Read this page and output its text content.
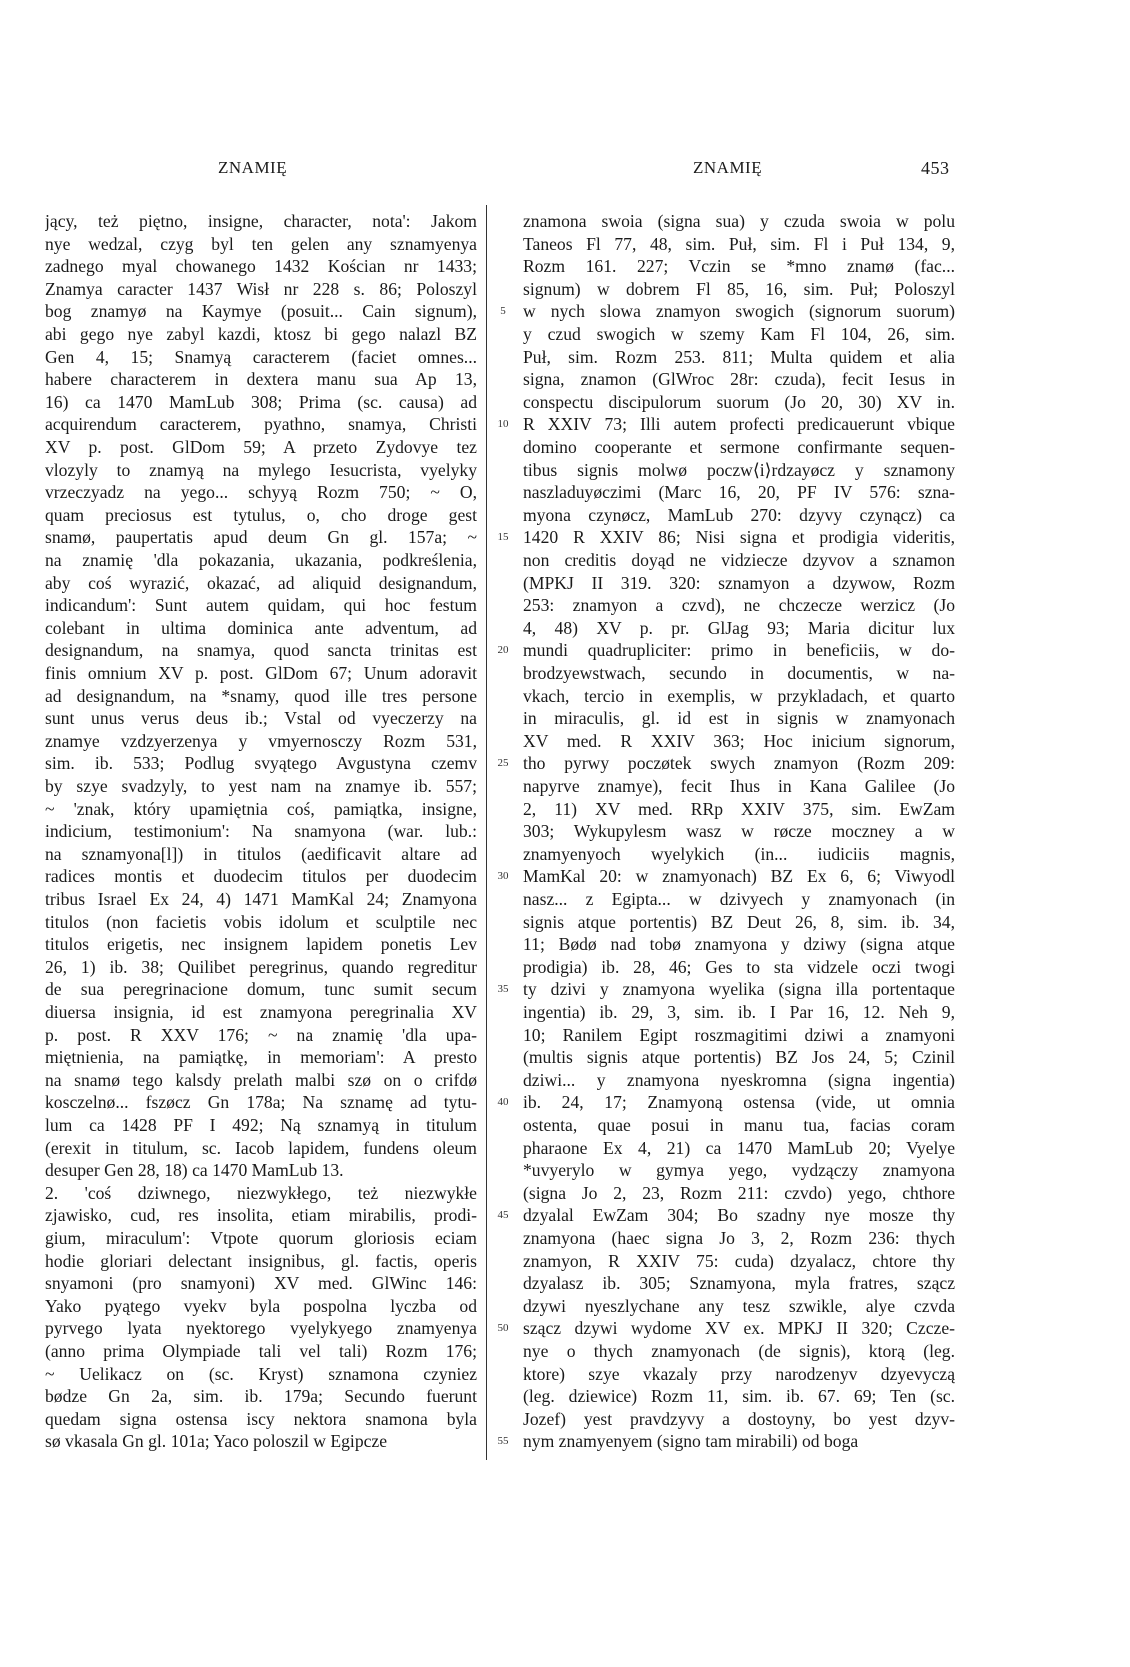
ZNAMIĘ	ZNAMIĘ	453
jący, też piętno, insigne, character, nota': Jakom
nye wedzal, czyg byl ten gelen any sznamyenya
zadnego myal chowanego 1432 Kościan nr 1433;
Znamya caracter 1437 Wisł nr 228 s. 86; Poloszyl
bog znamyø na Kaymye (posuit... Cain signum),
abi gego nye zabyl kazdi, ktosz bi gego nalazl BZ
Gen 4, 15; Snamyą caracterem (faciet omnes...
habere characterem in dextera manu sua Ap 13,
16) ca 1470 MamLub 308; Prima (sc. causa) ad
acquirendum caracterem, pyathno, snamya, Christi
XV p. post. GlDom 59; A przeto Zydovye tez
vlozyly to znamyą na mylego Iesucrista, vyelyky
vrzeczyadz na yego... schyyą Rozm 750; ~ O,
quam preciosus est tytulus, o, cho droge gest
snamø, paupertatis apud deum Gn gl. 157a; ~
na znamię 'dla pokazania, ukazania, podkreślenia,
aby coś wyrazić, okazać, ad aliquid designandum,
indicandum': Sunt autem quidam, qui hoc festum
colebant in ultima dominica ante adventum, ad
designandum, na snamya, quod sancta trinitas est
finis omnium XV p. post. GlDom 67; Unum adoravit
ad designandum, na *snamy, quod ille tres persone
sunt unus verus deus ib.; Vstal od vyeczerzy na
znamye vzdzyerzenya y vmyernosczy Rozm 531,
sim. ib. 533; Podlug svyątego Avgustyna czemv
by szye svadzyly, to yest nam na znamye ib. 557;
~ 'znak, który upamiętnia coś, pamiątka, insigne,
indicium, testimonium': Na snamyona (war. lub.:
na sznamyona[l]) in titulos (aedificavit altare ad
radices montis et duodecim titulos per duodecim
tribus Israel Ex 24, 4) 1471 MamKal 24; Znamyona
titulos (non facietis vobis idolum et sculptile nec
titulos erigetis, nec insignem lapidem ponetis Lev
26, 1) ib. 38; Quilibet peregrinus, quando regreditur
de sua peregrinacione domum, tunc sumit secum
diuersa insignia, id est znamyona peregrinalia XV
p. post. R XXV 176; ~ na znamię 'dla upa-
miętnienia, na pamiątkę, in memoriam': A presto
na snamø tego kalsdy prelath malbi szø on o crifdø
kosczelnø... fszøcz Gn 178a; Na sznamę ad tytu-
lum ca 1428 PF I 492; Ną sznamyą in titulum
(erexit in titulum, sc. Iacob lapidem, fundens oleum
desuper Gen 28, 18) ca 1470 MamLub 13.
2. 'coś dziwnego, niezwykłego, też niezwykłe
zjawisko, cud, res insolita, etiam mirabilis, prodi-
gium, miraculum': Vtpote quorum gloriosis eciam
hodie gloriari delectant insignibus, gl. factis, operis
snyamoni (pro snamyoni) XV med. GlWinc 146:
Yako pyątego vyekv byla pospolna lyczba od
pyrvego lyata nyektorego vyelykyego znamyenya
(anno prima Olympiade tali vel tali) Rozm 176;
~ Uelikacz on (sc. Kryst) sznamona czyniez
bødze Gn 2a, sim. ib. 179a; Secundo fuerunt
quedam signa ostensa iscy nektora snamona byla
sø vkasala Gn gl. 101a; Yaco poloszil w Egipcze
5
10
15
20
25
30
35
40
45
50
55
znamona swoia (signa sua) y czuda swoia w polu
Taneos Fl 77, 48, sim. Puł, sim. Fl i Puł 134, 9,
Rozm 161. 227; Vczin se *mno znamø (fac...
signum) w dobrem Fl 85, 16, sim. Puł; Poloszyl
w nych slowa znamyon swogich (signorum suorum)
y czud swogich w szemy Kam Fl 104, 26, sim.
Puł, sim. Rozm 253. 811; Multa quidem et alia
signa, znamon (GlWroc 28r: czuda), fecit Iesus in
conspectu discipulorum suorum (Jo 20, 30) XV in.
R XXIV 73; Illi autem profecti predicauerunt vbique
domino cooperante et sermone confirmante sequen-
tibus signis molwø poczw⟨i⟩rdzayøcz y sznamony
naszladuyøczimi (Marc 16, 20, PF IV 576: szna-
myona czynøcz, MamLub 270: dzyvy czynącz) ca
1420 R XXIV 86; Nisi signa et prodigia videritis,
non creditis doyąd ne vidziecze dzyvov a sznamon
(MPKJ II 319. 320: sznamyon a dzywow, Rozm
253: znamyon a czvd), ne chczecze werzicz (Jo
4, 48) XV p. pr. GlJag 93; Maria dicitur lux
mundi quadrupliciter: primo in beneficiis, w do-
brodzyewstwach, secundo in documentis, w na-
vkach, tercio in exemplis, w przykladach, et quarto
in miraculis, gl. id est in signis w znamyonach
XV med. R XXIV 363; Hoc inicium signorum,
tho pyrwy poczøtek swych znamyon (Rozm 209:
napyrve znamye), fecit Ihus in Kana Galilee (Jo
2, 11) XV med. RRp XXIV 375, sim. EwZam
303; Wykupylesm wasz w røcze moczney a w
znamyenyoch wyelykich (in... iudiciis magnis,
MamKal 20: w znamyonach) BZ Ex 6, 6; Viwyodl
nasz... z Egipta... w dzivyech y znamyonach (in
signis atque portentis) BZ Deut 26, 8, sim. ib. 34,
11; Bødø nad tobø znamyona y dziwy (signa atque
prodigia) ib. 28, 46; Ges to sta vidzele oczi twogi
ty dzivi y znamyona wyelika (signa illa portentaque
ingentia) ib. 29, 3, sim. ib. I Par 16, 12. Neh 9,
10; Ranilem Egipt roszmagitimi dziwi a znamyoni
(multis signis atque portentis) BZ Jos 24, 5; Czinil
dziwi... y znamyona nyeskromna (signa ingentia)
ib. 24, 17; Znamyoną ostensa (vide, ut omnia
ostenta, quae posui in manu tua, facias coram
pharaone Ex 4, 21) ca 1470 MamLub 20; Vyelye
*uvyerylo w gymya yego, vydzączy znamyona
(signa Jo 2, 23, Rozm 211: czvdo) yego, chthore
dzyalal EwZam 304; Bo szadny nye mosze thy
znamyona (haec signa Jo 3, 2, Rozm 236: thych
znamyon, R XXIV 75: cuda) dzyalacz, chtore thy
dzyalasz ib. 305; Sznamyona, myla fratres, sząсz
dzywi nyeszlychane any tesz szwikle, alye czvda
sząсz dzywi wydome XV ex. MPKJ II 320; Czcze-
nye o thych znamyonach (de signis), ktorą (leg.
ktore) szye vkazaly przy narodzenyv dzyevyczą
(leg. dziewice) Rozm 11, sim. ib. 67. 69; Ten (sc.
Jozef) yest pravdzyvy a dostoyny, bo yest dzyv-
nym znamyenyem (signo tam mirabili) od boga
